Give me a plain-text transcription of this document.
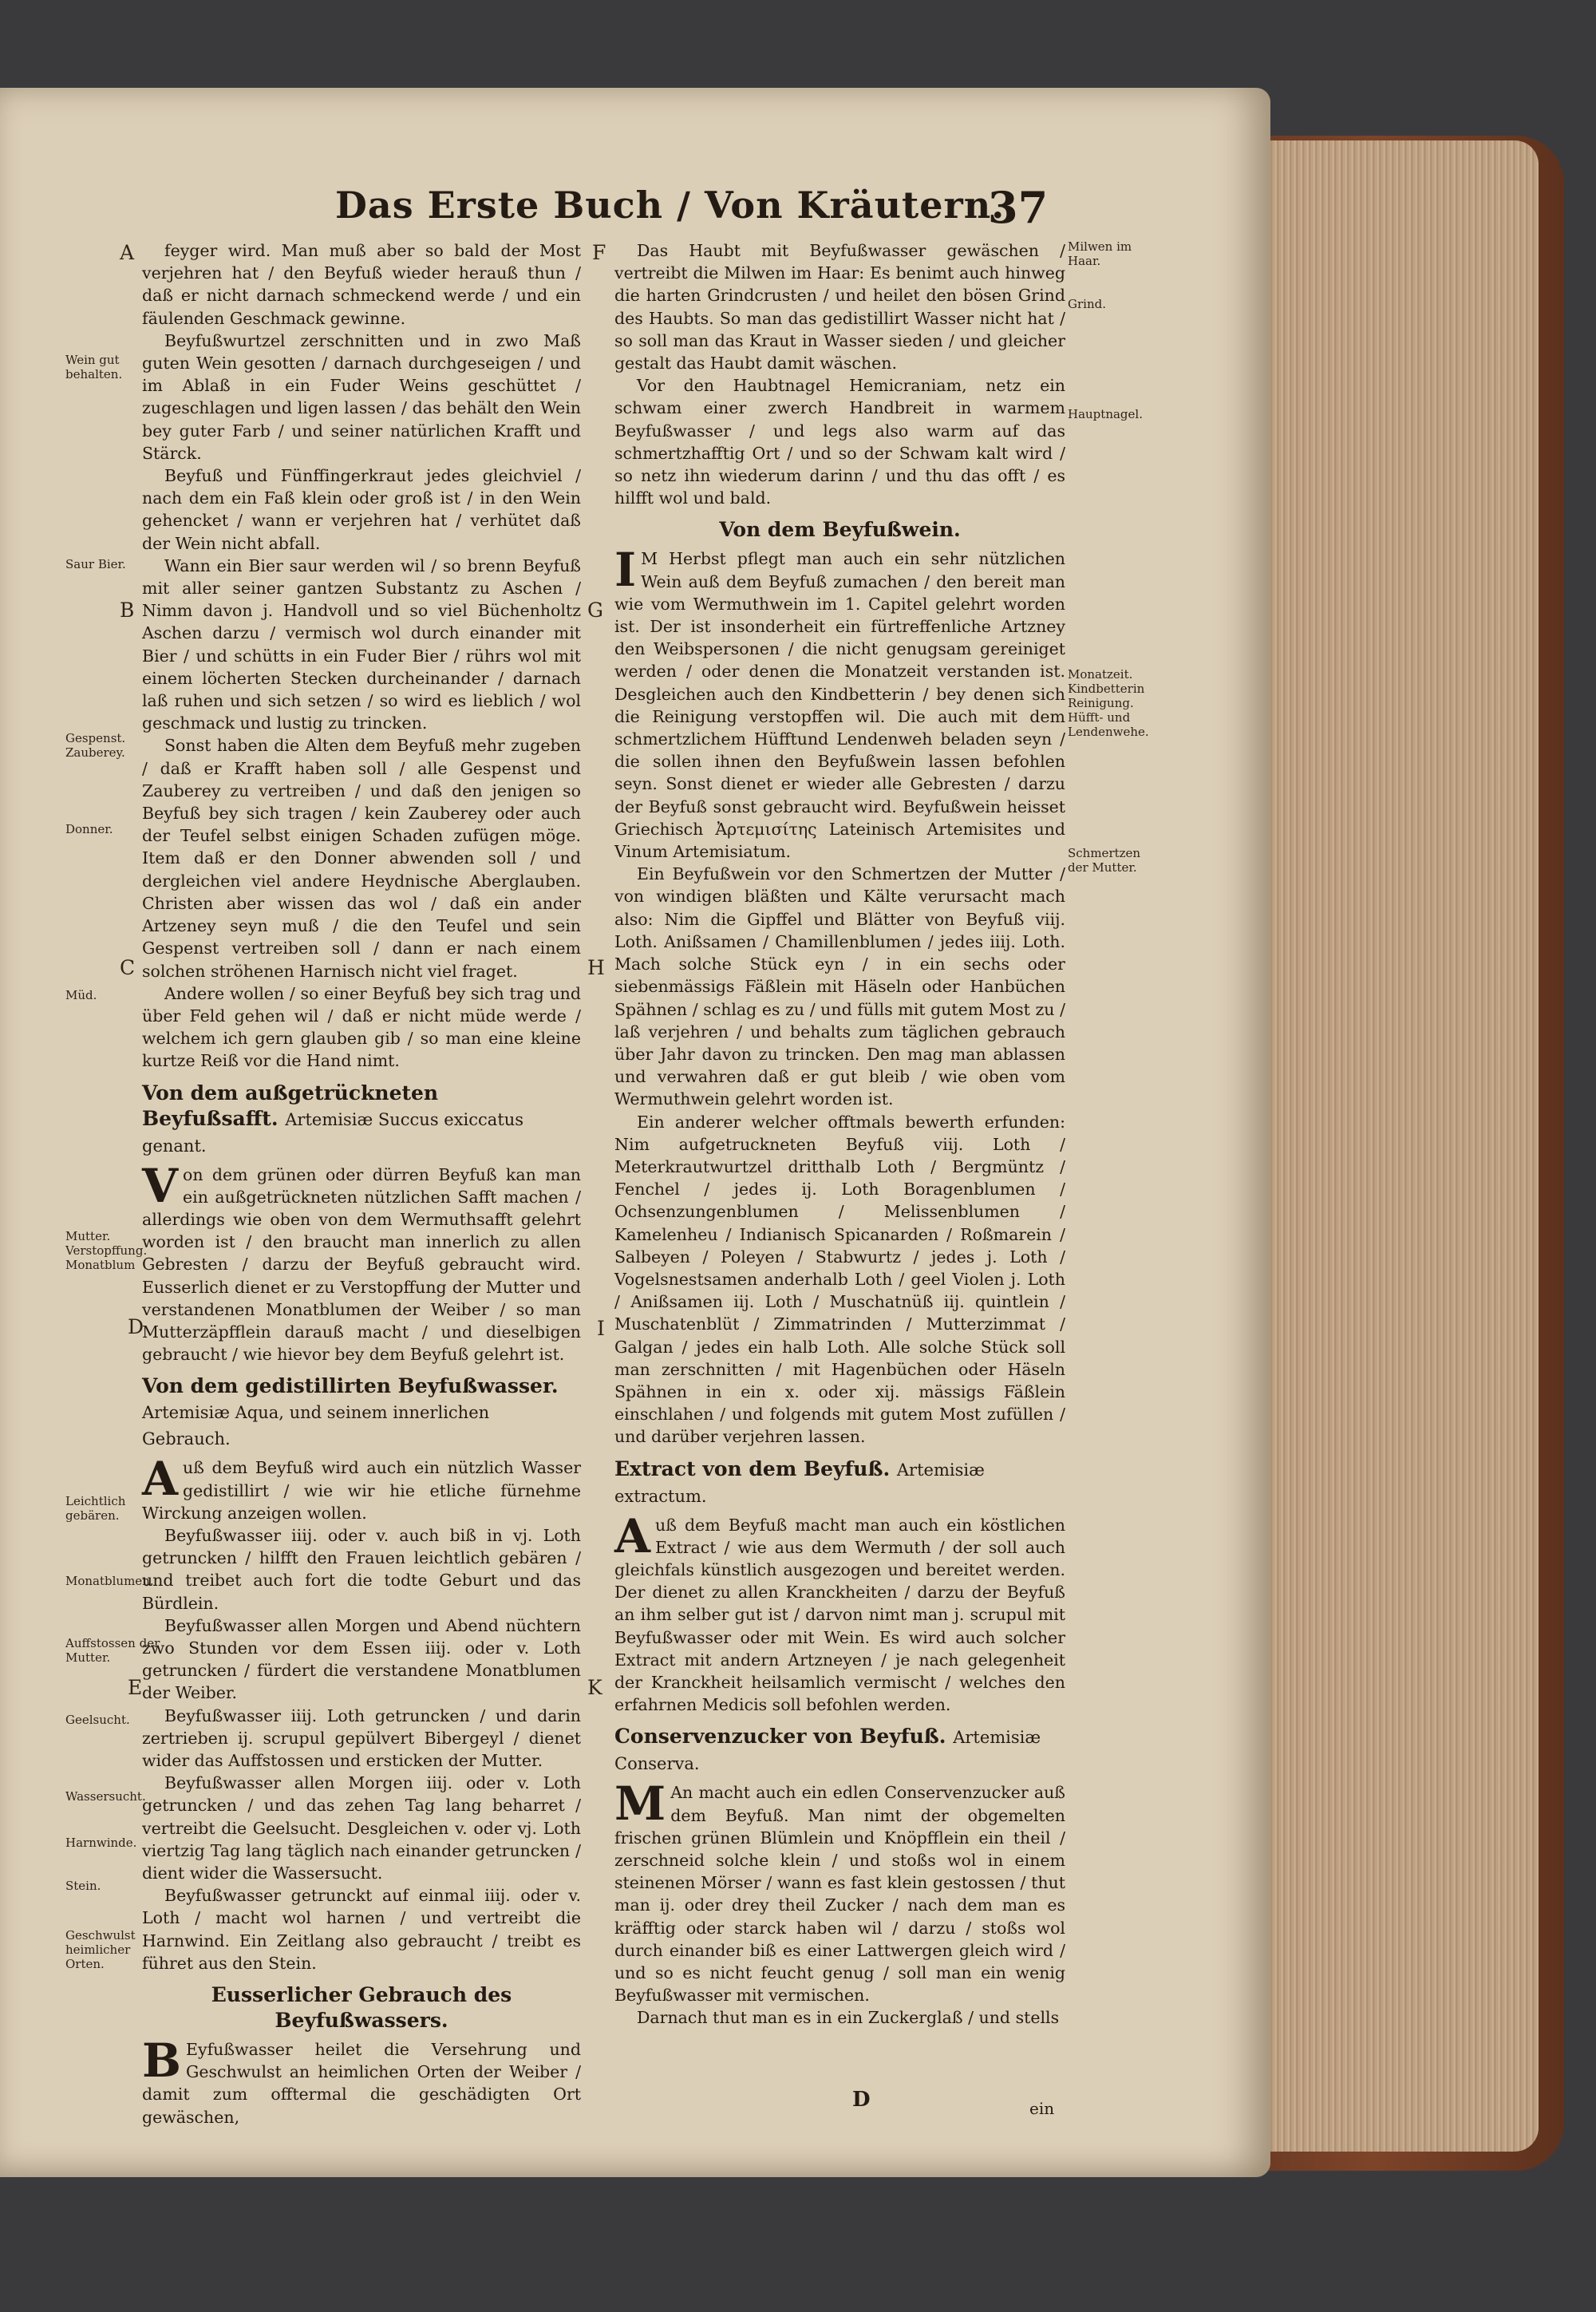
Das Erste Buch / Von Kräutern.
37

feyger wird. Man muß aber so bald der Most verjehren hat / den Beyfuß wieder herauß thun / daß er nicht darnach schmeckend werde / und ein fäulenden Geschmack gewinne.

Beyfußwurtzel zerschnitten und in zwo Maß guten Wein gesotten / darnach durchgeseigen / und im Ablaß in ein Fuder Weins geschüttet / zugeschlagen und ligen lassen / das behält den Wein bey guter Farb / und seiner natürlichen Krafft und Stärck.

Beyfuß und Fünffingerkraut jedes gleichviel / nach dem ein Faß klein oder groß ist / in den Wein gehencket / wann er verjehren hat / verhütet daß der Wein nicht abfall.

Wann ein Bier saur werden wil / so brenn Beyfuß mit aller seiner gantzen Substantz zu Aschen / Nimm davon j. Handvoll und so viel Büchenholtz Aschen darzu / vermisch wol durch einander mit Bier / und schütts in ein Fuder Bier / rührs wol mit einem löcherten Stecken durcheinander / darnach laß ruhen und sich setzen / so wird es lieblich / wol geschmack und lustig zu trincken.

Sonst haben die Alten dem Beyfuß mehr zugeben / daß er Krafft haben soll / alle Gespenst und Zauberey zu vertreiben / und daß den jenigen so Beyfuß bey sich tragen / kein Zauberey oder auch der Teufel selbst einigen Schaden zufügen möge. Item daß er den Donner abwenden soll / und dergleichen viel andere Heydnische Aberglauben. Christen aber wissen das wol / daß ein ander Artzeney seyn muß / die den Teufel und sein Gespenst vertreiben soll / dann er nach einem solchen ströhenen Harnisch nicht viel fraget.

Andere wollen / so einer Beyfuß bey sich trag und über Feld gehen wil / daß er nicht müde werde / welchem ich gern glauben gib / so man eine kleine kurtze Reiß vor die Hand nimt.

Von dem außgetrückneten Beyfußsafft. Artemisiæ Succus exiccatus genant.

Von dem grünen oder dürren Beyfuß kan man ein außgetrückneten nützlichen Safft machen / allerdings wie oben von dem Wermuthsafft gelehrt worden ist / den braucht man innerlich zu allen Gebresten / darzu der Beyfuß gebraucht wird. Eusserlich dienet er zu Verstopffung der Mutter und verstandenen Monatblumen der Weiber / so man Mutterzäpfflein darauß macht / und dieselbigen gebraucht / wie hievor bey dem Beyfuß gelehrt ist.

Von dem gedistillirten Beyfußwasser. Artemisiæ Aqua, und seinem innerlichen Gebrauch.

Auß dem Beyfuß wird auch ein nützlich Wasser gedistillirt / wie wir hie etliche fürnehme Wirckung anzeigen wollen.

Beyfußwasser iiij. oder v. auch biß in vj. Loth getruncken / hilfft den Frauen leichtlich gebären / und treibet auch fort die todte Geburt und das Bürdlein.

Beyfußwasser allen Morgen und Abend nüchtern zwo Stunden vor dem Essen iiij. oder v. Loth getruncken / fürdert die verstandene Monatblumen der Weiber.

Beyfußwasser iiij. Loth getruncken / und darin zertrieben ij. scrupul gepülvert Bibergeyl / dienet wider das Auffstossen und ersticken der Mutter.

Beyfußwasser allen Morgen iiij. oder v. Loth getruncken / und das zehen Tag lang beharret / vertreibt die Geelsucht. Desgleichen v. oder vj. Loth viertzig Tag lang täglich nach einander getruncken / dient wider die Wassersucht.

Beyfußwasser getrunckt auf einmal iiij. oder v. Loth / macht wol harnen / und vertreibt die Harnwind. Ein Zeitlang also gebraucht / treibt es führet aus den Stein.

Eusserlicher Gebrauch des Beyfußwassers.

B Eyfußwasser heilet die Versehrung und Geschwulst an heimlichen Orten der Weiber / damit zum offtermal die geschädigten Ort gewäschen,

Das Haubt mit Beyfußwasser gewäschen / vertreibt die Milwen im Haar: Es benimt auch hinweg die harten Grindcrusten / und heilet den bösen Grind des Haubts. So man das gedistillirt Wasser nicht hat / so soll man das Kraut in Wasser sieden / und gleicher gestalt das Haubt damit wäschen.

Vor den Haubtnagel Hemicraniam, netz ein schwam einer zwerch Handbreit in warmem Beyfußwasser / und legs also warm auf das schmertzhafftig Ort / und so der Schwam kalt wird / so netz ihn wiederum darinn / und thu das offt / es hilfft wol und bald.

Von dem Beyfußwein.

I M Herbst pflegt man auch ein sehr nützlichen Wein auß dem Beyfuß zumachen / den bereit man wie vom Wermuthwein im 1. Capitel gelehrt worden ist. Der ist insonderheit ein fürtreffenliche Artzney den Weibspersonen / die nicht genugsam gereiniget werden / oder denen die Monatzeit verstanden ist. Desgleichen auch den Kindbetterin / bey denen sich die Reinigung verstopffen wil. Die auch mit dem schmertzlichem Hüfftund Lendenweh beladen seyn / die sollen ihnen den Beyfußwein lassen befohlen seyn. Sonst dienet er wieder alle Gebresten / darzu der Beyfuß sonst gebraucht wird. Beyfußwein heisset Griechisch Ἀρτεμισίτης Lateinisch Artemisites und Vinum Artemisiatum.

Ein Beyfußwein vor den Schmertzen der Mutter / von windigen bläßten und Kälte verursacht mach also: Nim die Gipffel und Blätter von Beyfuß viij. Loth. Anißsamen / Chamillenblumen / jedes iiij. Loth. Mach solche Stück eyn / in ein sechs oder siebenmässigs Fäßlein mit Häseln oder Hanbüchen Spähnen / schlag es zu / und fülls mit gutem Most zu / laß verjehren / und behalts zum täglichen gebrauch über Jahr davon zu trincken. Den mag man ablassen und verwahren daß er gut bleib / wie oben vom Wermuthwein gelehrt worden ist.

Ein anderer welcher offtmals bewerth erfunden: Nim aufgetruckneten Beyfuß viij. Loth / Meterkrautwurtzel dritthalb Loth / Bergmüntz / Fenchel / jedes ij. Loth Boragenblumen / Ochsenzungenblumen / Melissenblumen / Kamelenheu / Indianisch Spicanarden / Roßmarein / Salbeyen / Poleyen / Stabwurtz / jedes j. Loth / Vogelsnestsamen anderhalb Loth / geel Violen j. Loth / Anißsamen iij. Loth / Muschatnüß iij. quintlein / Muschatenblüt / Zimmatrinden / Mutterzimmat / Galgan / jedes ein halb Loth. Alle solche Stück soll man zerschnitten / mit Hagenbüchen oder Häseln Spähnen in ein x. oder xij. mässigs Fäßlein einschlahen / und folgends mit gutem Most zufüllen / und darüber verjehren lassen.

Extract von dem Beyfuß. Artemisiæ extractum.

Auß dem Beyfuß macht man auch ein köstlichen Extract / wie aus dem Wermuth / der soll auch gleichfals künstlich ausgezogen und bereitet werden. Der dienet zu allen Kranckheiten / darzu der Beyfuß an ihm selber gut ist / darvon nimt man j. scrupul mit Beyfußwasser oder mit Wein. Es wird auch solcher Extract mit andern Artzneyen / je nach gelegenheit der Kranckheit heilsamlich vermischt / welches den erfahrnen Medicis soll befohlen werden.

Conservenzucker von Beyfuß. Artemisiæ Conserva.

M An macht auch ein edlen Conservenzucker auß dem Beyfuß. Man nimt der obgemelten frischen grünen Blümlein und Knöpfflein ein theil / zerschneid solche klein / und stoßs wol in einem steinenen Mörser / wann es fast klein gestossen / thut man ij. oder drey theil Zucker / nach dem man es kräfftig oder starck haben wil / darzu / stoßs wol durch einander biß es einer Lattwergen gleich wird / und so es nicht feucht genug / soll man ein wenig Beyfußwasser mit vermischen.

Darnach thut man es in ein Zuckerglaß / und stells

Wein gut behalten.
Saur Bier.
Gespenst. Zauberey.
Donner.
Müd.
Mutter. Verstopffung. Monatblum
Leichtlich gebären.
Monatblumen.
Auffstossen der Mutter.
Geelsucht.
Wassersucht.
Harnwinde.
Stein.
Geschwulst heimlicher Orten.
Milwen im Haar.
Grind.
Hauptnagel.
Monatzeit. Kindbetterin Reinigung. Hüfft- und Lendenwehe.
Schmertzen der Mutter.
A
B
C
D
E
F
G
H
I
K
D	ein
